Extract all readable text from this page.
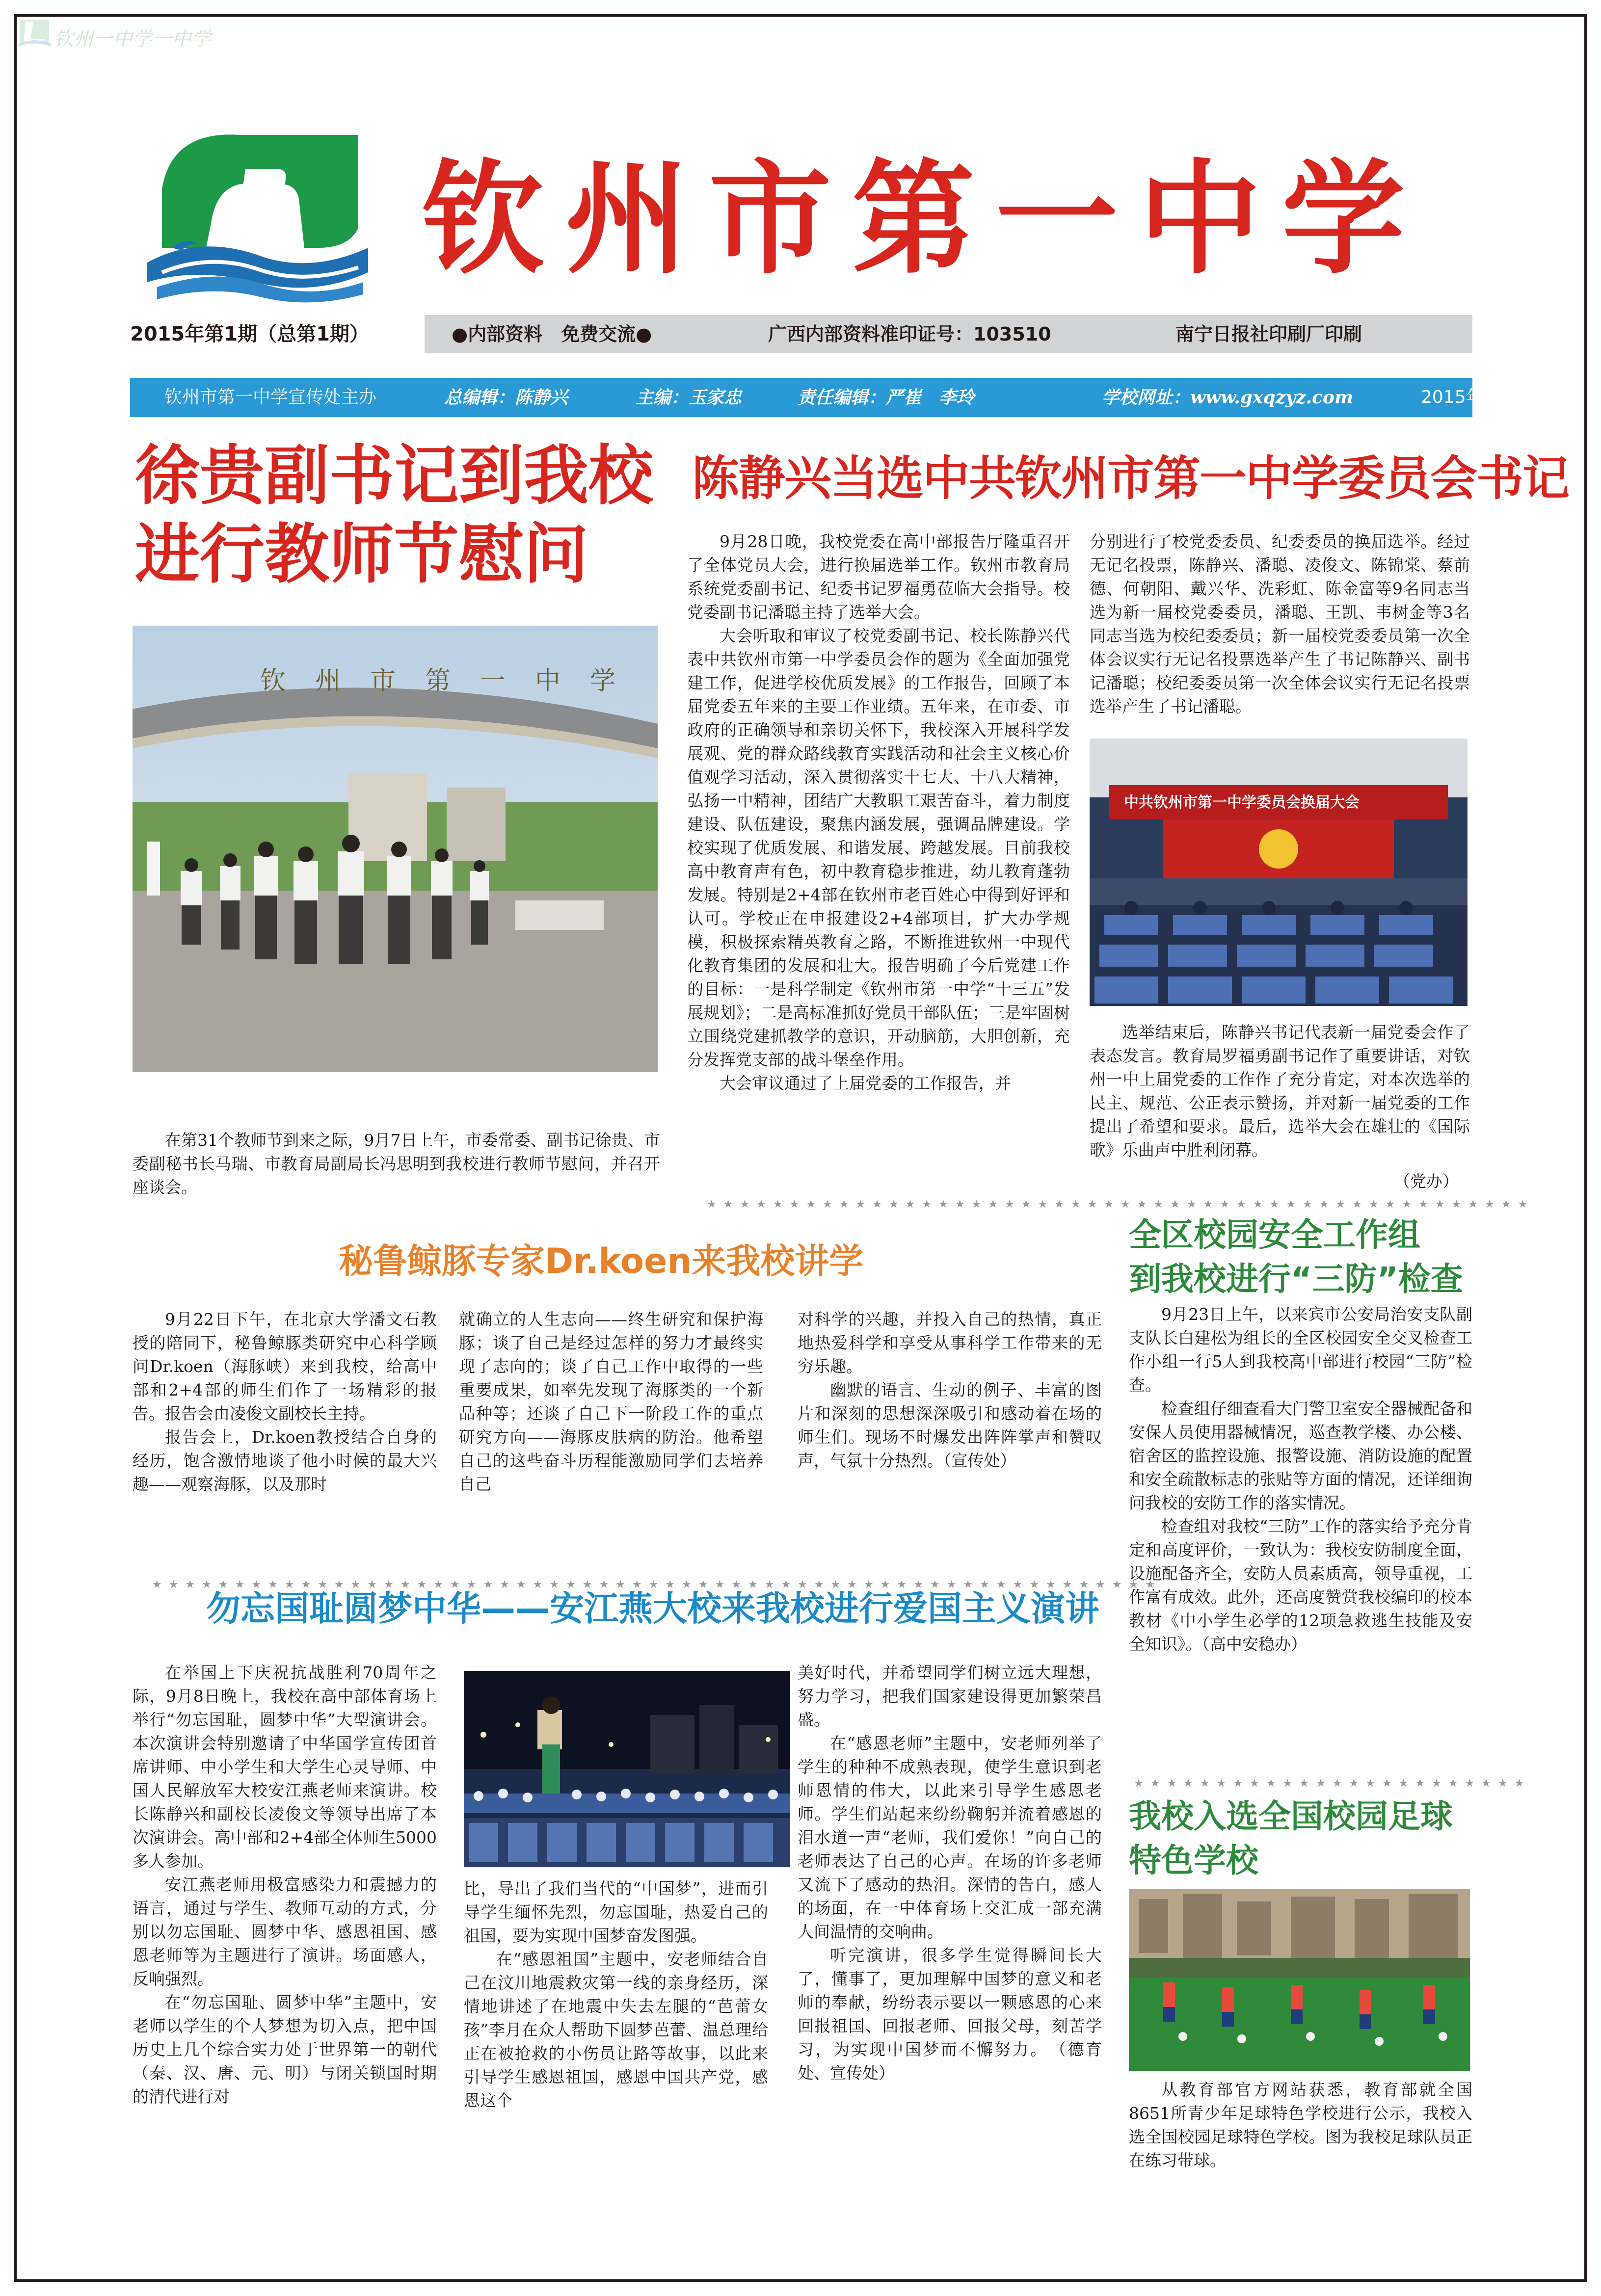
钦州一中学一中学
钦州市第一中学
2015年第1期（总第1期）	●内部资料　免费交流●	广西内部资料准印证号：103510	南宁日报社印刷厂印刷
钦州市第一中学宣传处主办	总编辑：陈静兴	主编：玉家忠	责任编辑：严崔　李玲	学校网址：www.gxqzyz.com	2015年9月30日
徐贵副书记到我校
进行教师节慰问
钦州市第一中学
在第31个教师节到来之际，9月7日上午，市委常委、副书记徐贵、市委副秘书长马瑞、市教育局副局长冯思明到我校进行教师节慰问，并召开座谈会。
陈静兴当选中共钦州市第一中学委员会书记

9月28日晚，我校党委在高中部报告厅隆重召开了全体党员大会，进行换届选举工作。钦州市教育局系统党委副书记、纪委书记罗福勇莅临大会指导。校党委副书记潘聪主持了选举大会。

大会听取和审议了校党委副书记、校长陈静兴代表中共钦州市第一中学委员会作的题为《全面加强党建工作，促进学校优质发展》的工作报告，回顾了本届党委五年来的主要工作业绩。五年来，在市委、市政府的正确领导和亲切关怀下，我校深入开展科学发展观、党的群众路线教育实践活动和社会主义核心价值观学习活动，深入贯彻落实十七大、十八大精神，弘扬一中精神，团结广大教职工艰苦奋斗，着力制度建设、队伍建设，聚焦内涵发展，强调品牌建设。学校实现了优质发展、和谐发展、跨越发展。目前我校高中教育声有色，初中教育稳步推进，幼儿教育蓬勃发展。特别是2+4部在钦州市老百姓心中得到好评和认可。学校正在申报建设2+4部项目，扩大办学规模，积极探索精英教育之路，不断推进钦州一中现代化教育集团的发展和壮大。报告明确了今后党建工作的目标：一是科学制定《钦州市第一中学“十三五”发展规划》；二是高标准抓好党员干部队伍；三是牢固树立围绕党建抓教学的意识，开动脑筋，大胆创新，充分发挥党支部的战斗堡垒作用。

大会审议通过了上届党委的工作报告，并

分别进行了校党委委员、纪委委员的换届选举。经过无记名投票，陈静兴、潘聪、凌俊文、陈锦棠、蔡前德、何朝阳、戴兴华、冼彩虹、陈金富等9名同志当选为新一届校党委委员，潘聪、王凯、韦树金等3名同志当选为校纪委委员；新一届校党委委员第一次全体会议实行无记名投票选举产生了书记陈静兴、副书记潘聪；校纪委委员第一次全体会议实行无记名投票选举产生了书记潘聪。
中共钦州市第一中学委员会换届大会
选举结束后，陈静兴书记代表新一届党委会作了表态发言。教育局罗福勇副书记作了重要讲话，对钦州一中上届党委的工作作了充分肯定，对本次选举的民主、规范、公正表示赞扬，并对新一届党委的工作提出了希望和要求。最后，选举大会在雄壮的《国际歌》乐曲声中胜利闭幕。
（党办）
★★★★★★★★★★★★★★★★★★★★★★★★★★★★★★★★★★★★★★★★★★★★★★★★★★
秘鲁鲸豚专家Dr.koen来我校讲学

9月22日下午，在北京大学潘文石教授的陪同下，秘鲁鲸豚类研究中心科学顾问Dr.koen（海豚峡）来到我校，给高中部和2+4部的师生们作了一场精彩的报告。报告会由凌俊文副校长主持。

报告会上，Dr.koen教授结合自身的经历，饱含激情地谈了他小时候的最大兴趣——观察海豚，以及那时

就确立的人生志向——终生研究和保护海豚；谈了自己是经过怎样的努力才最终实现了志向的；谈了自己工作中取得的一些重要成果，如率先发现了海豚类的一个新品种等；还谈了自己下一阶段工作的重点研究方向——海豚皮肤病的防治。他希望自己的这些奋斗历程能激励同学们去培养自己

对科学的兴趣，并投入自己的热情，真正地热爱科学和享受从事科学工作带来的无穷乐趣。

幽默的语言、生动的例子、丰富的图片和深刻的思想深深吸引和感动着在场的师生们。现场不时爆发出阵阵掌声和赞叹声，气氛十分热烈。（宣传处）

全区校园安全工作组
到我校进行“三防”检查

9月23日上午，以来宾市公安局治安支队副支队长白建松为组长的全区校园安全交叉检查工作小组一行5人到我校高中部进行校园“三防”检查。

检查组仔细查看大门警卫室安全器械配备和安保人员使用器械情况，巡查教学楼、办公楼、宿舍区的监控设施、报警设施、消防设施的配置和安全疏散标志的张贴等方面的情况，还详细询问我校的安防工作的落实情况。

检查组对我校“三防”工作的落实给予充分肯定和高度评价，一致认为：我校安防制度全面，设施配备齐全，安防人员素质高，领导重视，工作富有成效。此外，还高度赞赏我校编印的校本教材《中小学生必学的12项急救逃生技能及安全知识》。（高中安稳办）

★★★★★★★★★★★★★★★★★★★★★★★★★★★★★★★★★★★★★★★★★★★★★★★★★★★★★★★★★★★★★
勿忘国耻圆梦中华——安江燕大校来我校进行爱国主义演讲

在举国上下庆祝抗战胜利70周年之际，9月8日晚上，我校在高中部体育场上举行“勿忘国耻，圆梦中华”大型演讲会。本次演讲会特别邀请了中华国学宣传团首席讲师、中小学生和大学生心灵导师、中国人民解放军大校安江燕老师来演讲。校长陈静兴和副校长凌俊文等领导出席了本次演讲会。高中部和2+4部全体师生5000多人参加。

安江燕老师用极富感染力和震撼力的语言，通过与学生、教师互动的方式，分别以勿忘国耻、圆梦中华、感恩祖国、感恩老师等为主题进行了演讲。场面感人，反响强烈。

在“勿忘国耻、圆梦中华”主题中，安老师以学生的个人梦想为切入点，把中国历史上几个综合实力处于世界第一的朝代（秦、汉、唐、元、明）与闭关锁国时期的清代进行对

比，导出了我们当代的“中国梦”，进而引导学生缅怀先烈，勿忘国耻，热爱自己的祖国，要为实现中国梦奋发图强。

在“感恩祖国”主题中，安老师结合自己在汶川地震救灾第一线的亲身经历，深情地讲述了在地震中失去左腿的“芭蕾女孩”李月在众人帮助下圆梦芭蕾、温总理给正在被抢救的小伤员让路等故事，以此来引导学生感恩祖国，感恩中国共产党，感恩这个

美好时代，并希望同学们树立远大理想，努力学习，把我们国家建设得更加繁荣昌盛。

在“感恩老师”主题中，安老师列举了学生的种种不成熟表现，使学生意识到老师恩情的伟大，以此来引导学生感恩老师。学生们站起来纷纷鞠躬并流着感恩的泪水道一声“老师，我们爱你！”向自己的老师表达了自己的心声。在场的许多老师又流下了感动的热泪。深情的告白，感人的场面，在一中体育场上交汇成一部充满人间温情的交响曲。

听完演讲，很多学生觉得瞬间长大了，懂事了，更加理解中国梦的意义和老师的奉献，纷纷表示要以一颗感恩的心来回报祖国、回报老师、回报父母，刻苦学习，为实现中国梦而不懈努力。　（德育处、宣传处）

★★★★★★★★★★★★★★★★★★★★★★★★
我校入选全国校园足球
特色学校
从教育部官方网站获悉，教育部就全国8651所青少年足球特色学校进行公示，我校入选全国校园足球特色学校。图为我校足球队员正在练习带球。
